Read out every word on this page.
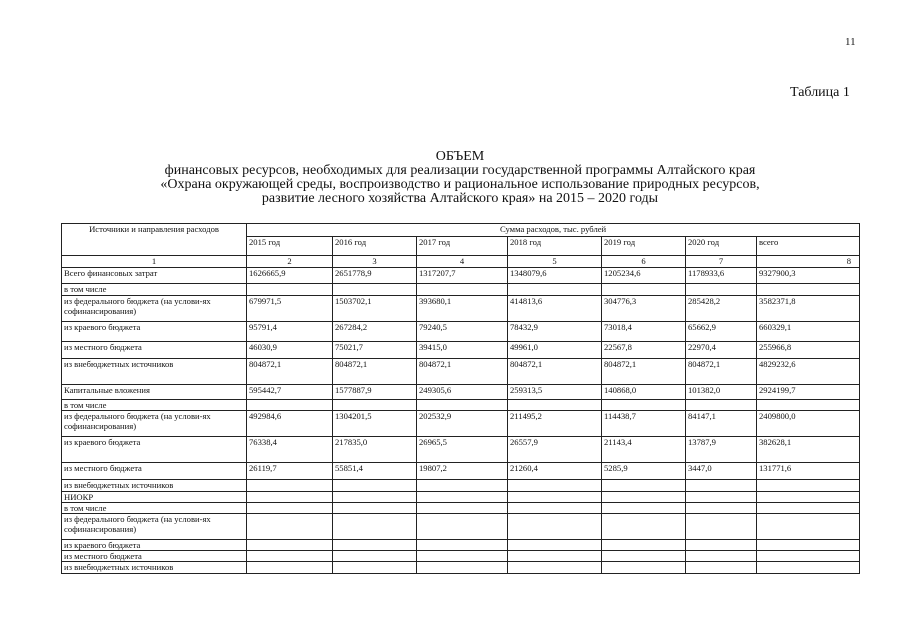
11
Таблица 1
ОБЪЕМ
финансовых ресурсов, необходимых для реализации государственной программы Алтайского края
«Охрана окружающей среды, воспроизводство и рациональное использование природных ресурсов,
развитие лесного хозяйства Алтайского края» на 2015 – 2020 годы
Источники и направления расходов	Сумма расходов, тыс. рублей						
	2015 год	2016 год	2017 год	2018 год	2019 год	2020 год	всего
1	2	3	4	5	6	7	8
Всего финансовых затрат	1626665,9	2651778,9	1317207,7	1348079,6	1205234,6	1178933,6	9327900,3
в том числе							
из федерального бюджета (на услови-ях софинансирования)	679971,5	1503702,1	393680,1	414813,6	304776,3	285428,2	3582371,8
из краевого бюджета	95791,4	267284,2	79240,5	78432,9	73018,4	65662,9	660329,1
из местного бюджета	46030,9	75021,7	39415,0	49961,0	22567,8	22970,4	255966,8
из внебюджетных источников	804872,1	804872,1	804872,1	804872,1	804872,1	804872,1	4829232,6
Капитальные вложения	595442,7	1577887,9	249305,6	259313,5	140868,0	101382,0	2924199,7
в том числе							
из федерального бюджета (на услови-ях софинансирования)	492984,6	1304201,5	202532,9	211495,2	114438,7	84147,1	2409800,0
из краевого бюджета	76338,4	217835,0	26965,5	26557,9	21143,4	13787,9	382628,1
из местного бюджета	26119,7	55851,4	19807,2	21260,4	5285,9	3447,0	131771,6
из внебюджетных источников							
НИОКР							
в том числе							
из федерального бюджета (на услови-ях софинансирования)							
из краевого бюджета							
из местного бюджета							
из внебюджетных источников							
